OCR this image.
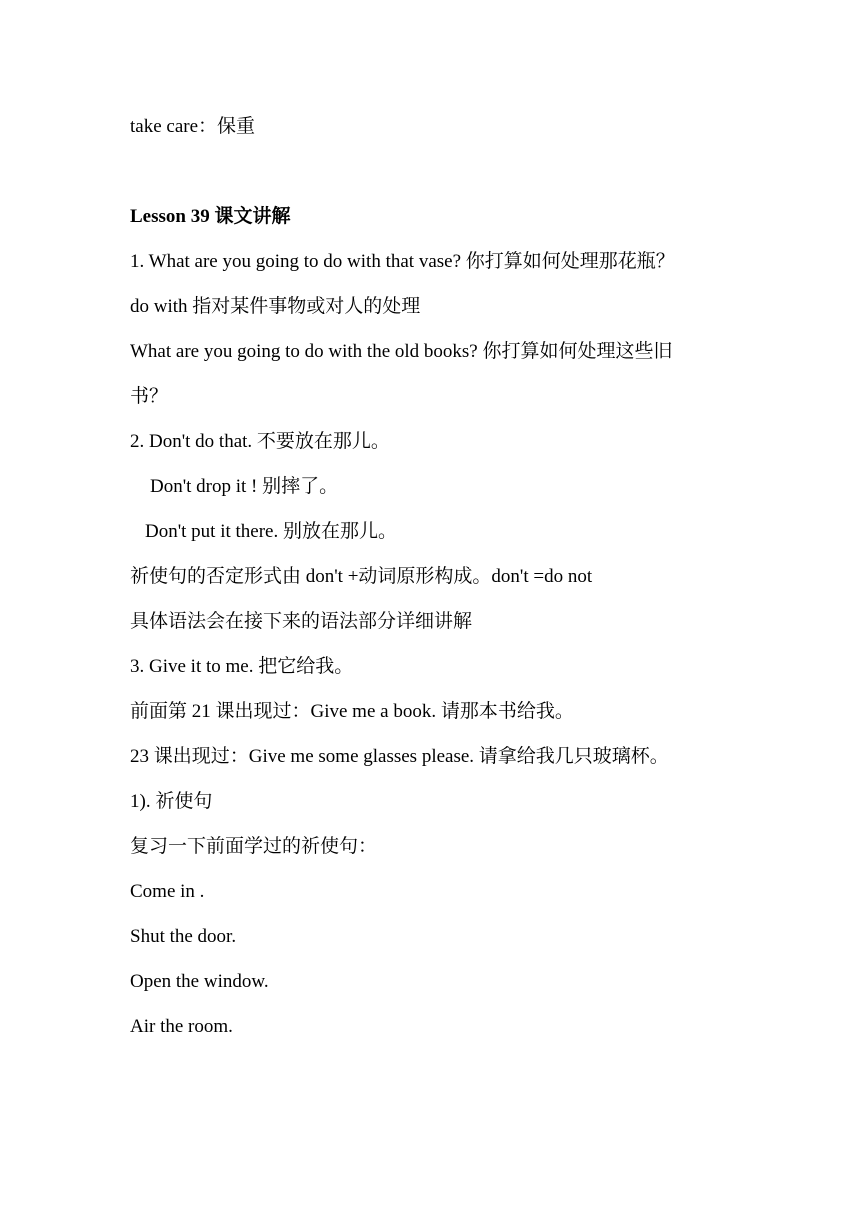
take care：保重
Lesson 39 课文讲解
1. What are you going to do with that vase? 你打算如何处理那花瓶？
do with 指对某件事物或对人的处理
What are you going to do with the old books? 你打算如何处理这些旧
书？
2. Don't do that. 不要放在那儿。
Don't drop it ! 别摔了。
Don't put it there. 别放在那儿。
祈使句的否定形式由 don't +动词原形构成。don't =do not
具体语法会在接下来的语法部分详细讲解
3. Give it to me. 把它给我。
前面第 21 课出现过：Give me a book. 请那本书给我。
23 课出现过：Give me some glasses please. 请拿给我几只玻璃杯。
1). 祈使句
复习一下前面学过的祈使句：
Come in .
Shut the door.
Open the window.
Air the room.
